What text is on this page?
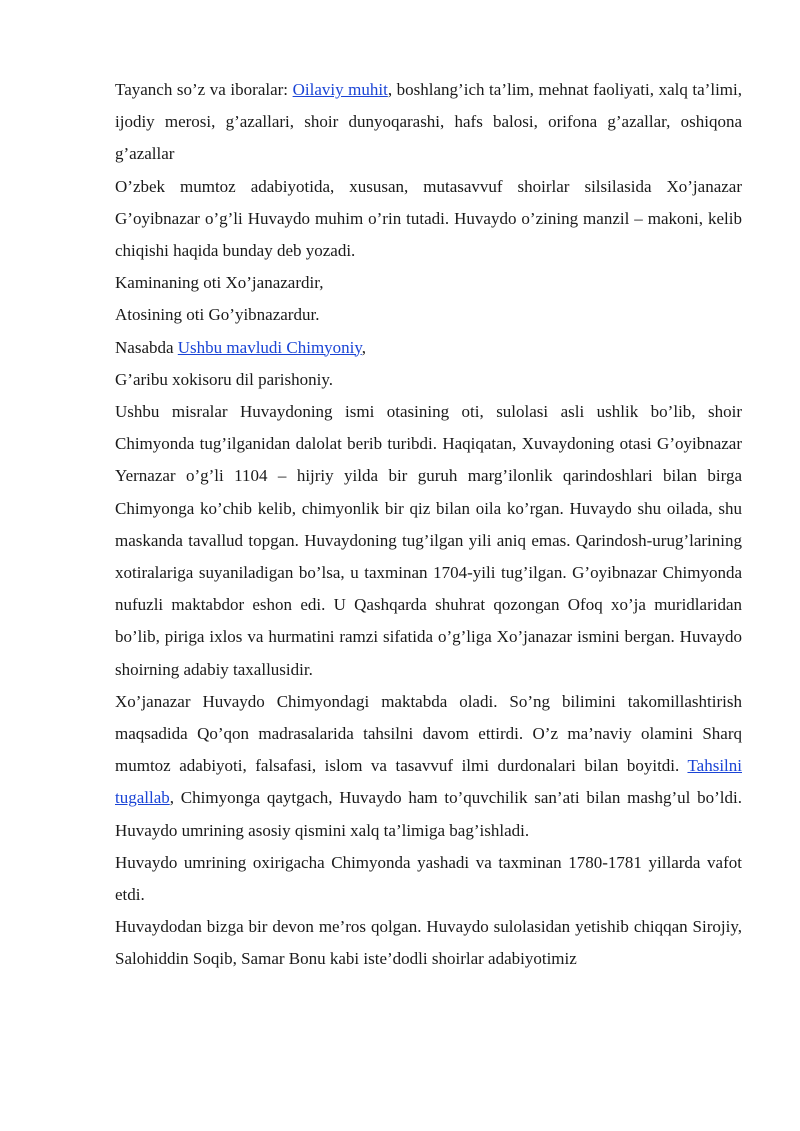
Tayanch so’z va iboralar: Oilaviy muhit, boshlang’ich ta’lim, mehnat faoliyati, xalq ta’limi, ijodiy merosi, g’azallari, shoir dunyoqarashi, hafs balosi, orifona g’azallar, oshiqona g’azallar

O’zbek mumtoz adabiyotida, xususan, mutasavvuf shoirlar silsilasida Xo’janazar G’oyibnazar o’g’li Huvaydo muhim o’rin tutadi. Huvaydo o’zining manzil – makoni, kelib chiqishi haqida bunday deb yozadi.

Kaminaning oti Xo’janazardir,

Atosining oti Go’yibnazardur.

Nasabda Ushbu mavludi Chimyoniy,

G’aribu xokisoru dil parishoniy.

Ushbu misralar Huvaydoning ismi otasining oti, sulolasi asli ushlik bo’lib, shoir Chimyonda tug’ilganidan dalolat berib turibdi. Haqiqatan, Xuvaydoning otasi G’oyibnazar Yernazar o’g’li 1104 – hijriy yilda bir guruh marg’ilonlik qarindoshlari bilan birga Chimyonga ko’chib kelib, chimyonlik bir qiz bilan oila ko’rgan. Huvaydo shu oilada, shu maskanda tavallud topgan. Huvaydoning tug’ilgan yili aniq emas. Qarindosh-urug’larining xotiralariga suyaniladigan bo’lsa, u taxminan 1704-yili tug’ilgan. G’oyibnazar Chimyonda nufuzli maktabdor eshon edi. U Qashqarda shuhrat qozongan Ofoq xo’ja muridlaridan bo’lib, piriga ixlos va hurmatini ramzi sifatida o’g’liga Xo’janazar ismini bergan. Huvaydo shoirning adabiy taxallusidir.

Xo’janazar Huvaydo Chimyondagi maktabda oladi. So’ng bilimini takomillashtirish maqsadida Qo’qon madrasalarida tahsilni davom ettirdi. O’z ma’naviy olamini Sharq mumtoz adabiyoti, falsafasi, islom va tasavvuf ilmi durdonalari bilan boyitdi. Tahsilni tugallab, Chimyonga qaytgach, Huvaydo ham to’quvchilik san’ati bilan mashg’ul bo’ldi. Huvaydo umrining asosiy qismini xalq ta’limiga bag’ishladi.

Huvaydo umrining oxirigacha Chimyonda yashadi va taxminan 1780-1781 yillarda vafot etdi.

Huvaydodan bizga bir devon me’ros qolgan. Huvaydo sulolasidan yetishib chiqqan Sirojiy, Salohiddin Soqib, Samar Bonu kabi iste’dodli shoirlar adabiyotimiz
